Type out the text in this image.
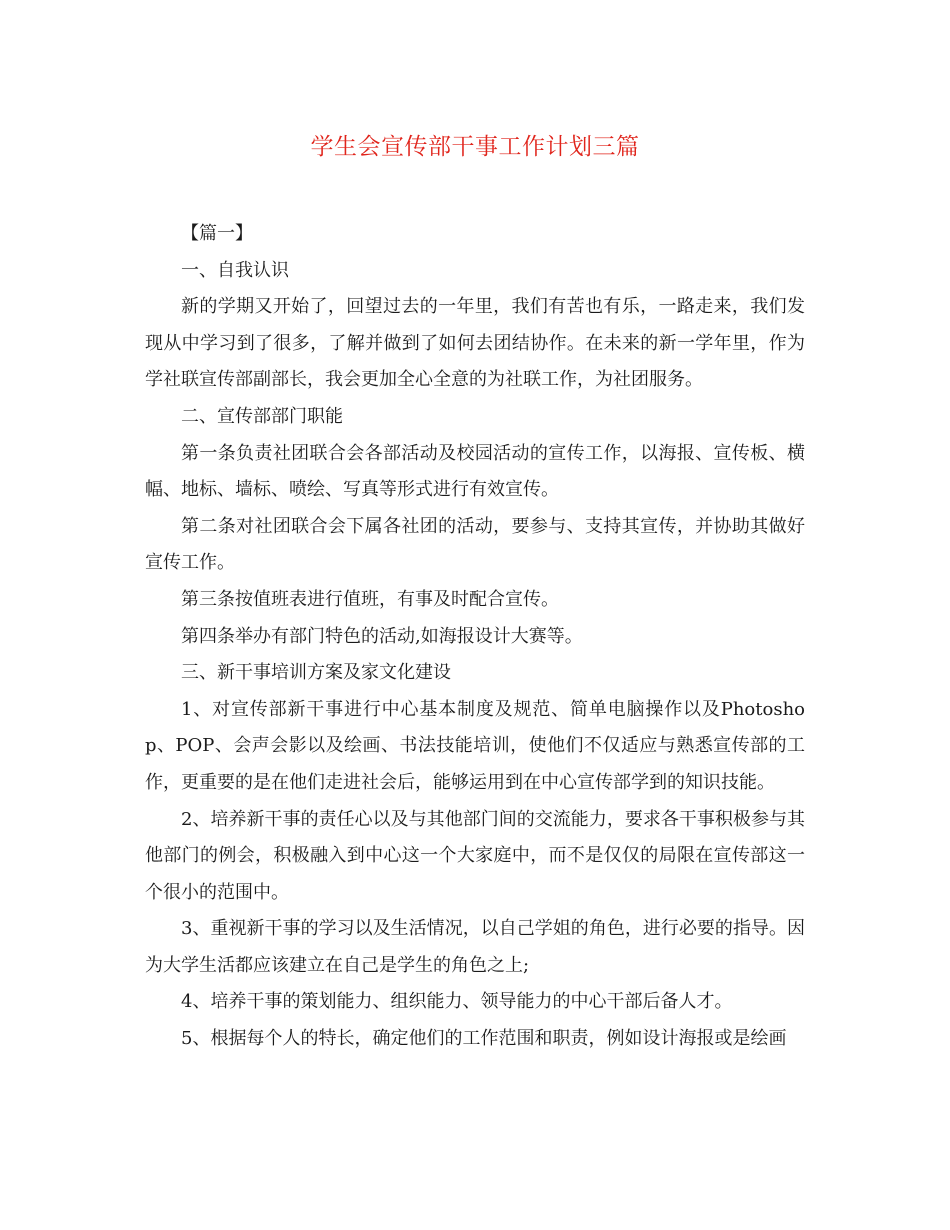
学生会宣传部干事工作计划三篇

【篇一】

一、自我认识

新的学期又开始了，回望过去的一年里，我们有苦也有乐，一路走来，我们发现从中学习到了很多，了解并做到了如何去团结协作。在未来的新一学年里，作为学社联宣传部副部长，我会更加全心全意的为社联工作，为社团服务。

二、宣传部部门职能

第一条负责社团联合会各部活动及校园活动的宣传工作，以海报、宣传板、横幅、地标、墙标、喷绘、写真等形式进行有效宣传。

第二条对社团联合会下属各社团的活动，要参与、支持其宣传，并协助其做好宣传工作。

第三条按值班表进行值班，有事及时配合宣传。

第四条举办有部门特色的活动,如海报设计大赛等。

三、新干事培训方案及家文化建设

1、对宣传部新干事进行中心基本制度及规范、简单电脑操作以及Photoshop、POP、会声会影以及绘画、书法技能培训，使他们不仅适应与熟悉宣传部的工作，更重要的是在他们走进社会后，能够运用到在中心宣传部学到的知识技能。

2、培养新干事的责任心以及与其他部门间的交流能力，要求各干事积极参与其他部门的例会，积极融入到中心这一个大家庭中，而不是仅仅的局限在宣传部这一个很小的范围中。

3、重视新干事的学习以及生活情况，以自己学姐的角色，进行必要的指导。因为大学生活都应该建立在自己是学生的角色之上;

4、培养干事的策划能力、组织能力、领导能力的中心干部后备人才。

5、根据每个人的特长，确定他们的工作范围和职责，例如设计海报或是绘画
